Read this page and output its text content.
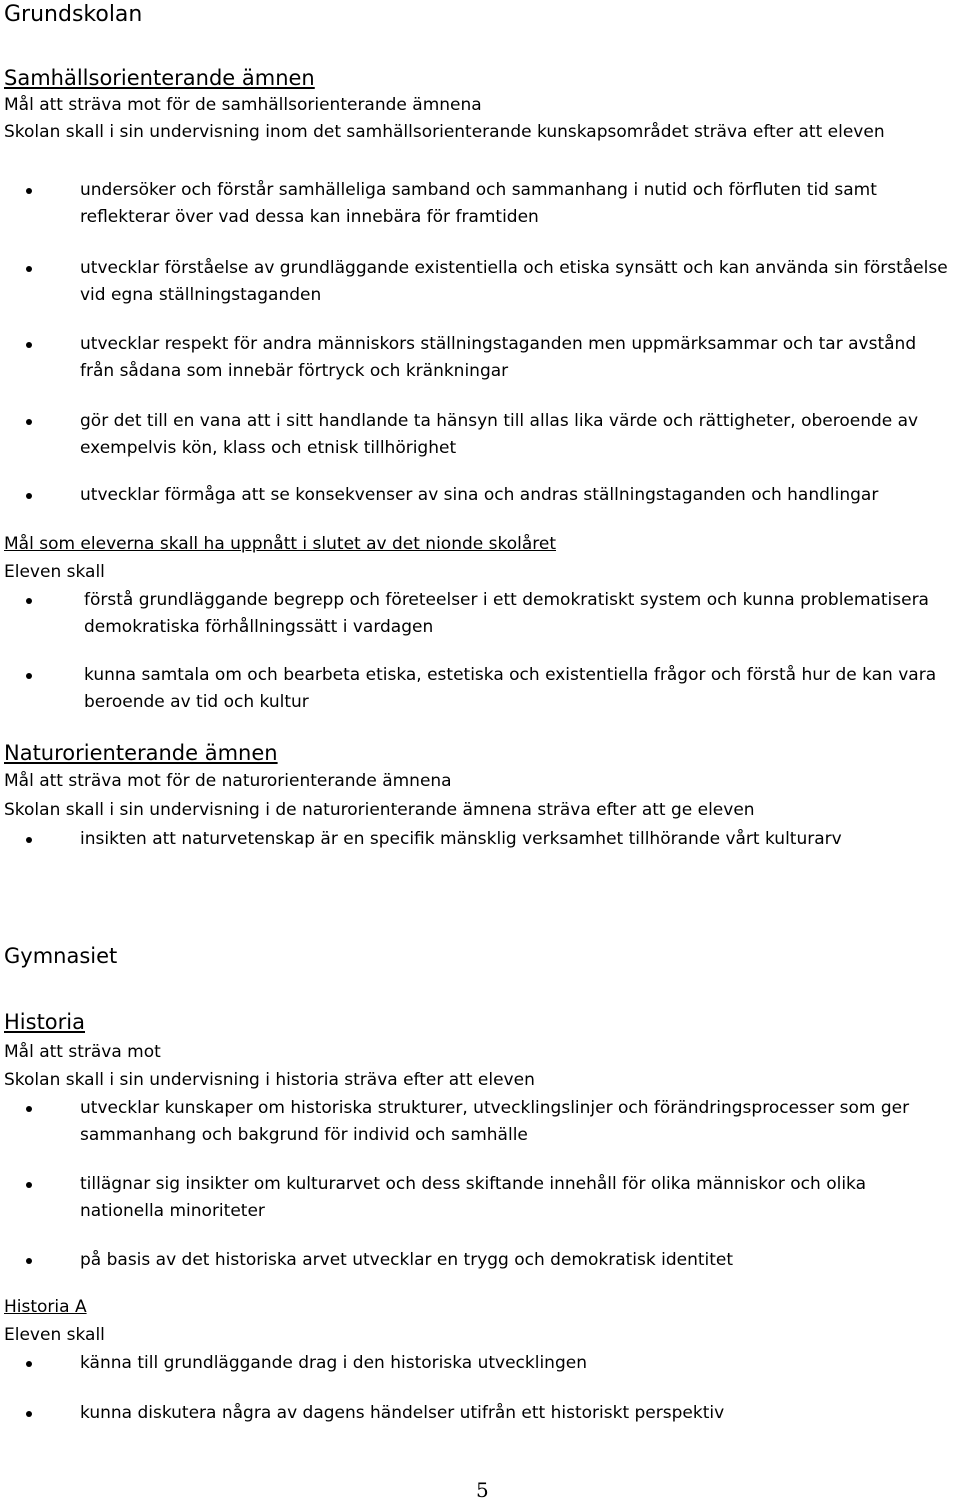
Grundskolan
Samhällsorienterande ämnen
Mål att sträva mot för de samhällsorienterande ämnena
Skolan skall i sin undervisning inom det samhällsorienterande kunskapsområdet sträva efter att eleven
undersöker och förstår samhälleliga samband och sammanhang i nutid och förfluten tid samt reflekterar över vad dessa kan innebära för framtiden
utvecklar förståelse av grundläggande existentiella och etiska synsätt och kan använda sin förståelse vid egna ställningstaganden
utvecklar respekt för andra människors ställningstaganden men uppmärksammar och tar avstånd från sådana som innebär förtryck och kränkningar
gör det till en vana att i sitt handlande ta hänsyn till allas lika värde och rättigheter, oberoende av exempelvis kön, klass och etnisk tillhörighet
utvecklar förmåga att se konsekvenser av sina och andras ställningstaganden och handlingar
Mål som eleverna skall ha uppnått i slutet av det nionde skolåret
Eleven skall
förstå grundläggande begrepp och företeelser i ett demokratiskt system och kunna problematisera demokratiska förhållningssätt i vardagen
kunna samtala om och bearbeta etiska, estetiska och existentiella frågor och förstå hur de kan vara beroende av tid och kultur
Naturorienterande ämnen
Mål att sträva mot för de naturorienterande ämnena
Skolan skall i sin undervisning i de naturorienterande ämnena sträva efter att ge eleven
insikten att naturvetenskap är en specifik mänsklig verksamhet tillhörande vårt kulturarv
Gymnasiet
Historia
Mål att sträva mot
Skolan skall i sin undervisning i historia sträva efter att eleven
utvecklar kunskaper om historiska strukturer, utvecklingslinjer och förändringsprocesser som ger sammanhang och bakgrund för individ och samhälle
tillägnar sig insikter om kulturarvet och dess skiftande innehåll för olika människor och olika nationella minoriteter
på basis av det historiska arvet utvecklar en trygg och demokratisk identitet
Historia A
Eleven skall
känna till grundläggande drag i den historiska utvecklingen
kunna diskutera några av dagens händelser utifrån ett historiskt perspektiv
5
